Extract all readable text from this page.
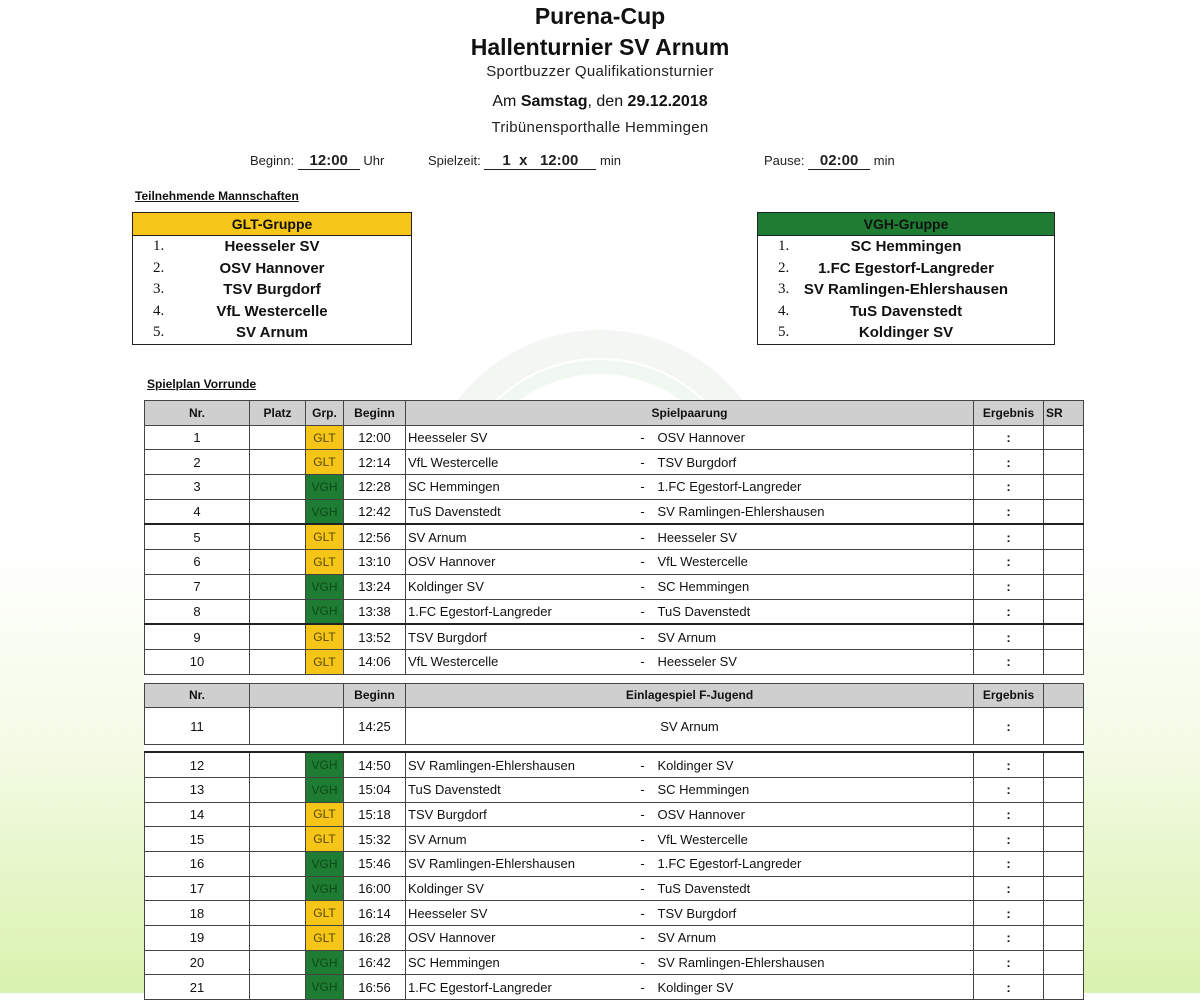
Purena-Cup
Hallenturnier SV Arnum
Sportbuzzer Qualifikationsturnier
Am Samstag, den 29.12.2018
Tribünensporthalle Hemmingen
Beginn: 12:00 Uhr	Spielzeit: 1 x 12:00 min	Pause: 02:00 min
Teilnehmende Mannschaften
GLT-Gruppe
1.	Heesseler SV
2.	OSV Hannover
3.	TSV Burgdorf
4.	VfL Westercelle
5.	SV Arnum
VGH-Gruppe
1.	SC Hemmingen
2.	1.FC Egestorf-Langreder
3. SV Ramlingen-Ehlershausen
4.	TuS Davenstedt
5.	Koldinger SV
Spielplan Vorrunde
Nr.	Platz	Grp.	Beginn	Spielpaarung			Ergebnis	SR
1		GLT	12:00	Heesseler SV	-	OSV Hannover	:	
2		GLT	12:14	VfL Westercelle	-	TSV Burgdorf	:	
3		VGH	12:28	SC Hemmingen	-	1.FC Egestorf-Langreder	:	
4		VGH	12:42	TuS Davenstedt	-	SV Ramlingen-Ehlershausen	:	
5		GLT	12:56	SV Arnum	-	Heesseler SV	:	
6		GLT	13:10	OSV Hannover	-	VfL Westercelle	:	
7		VGH	13:24	Koldinger SV	-	SC Hemmingen	:	
8		VGH	13:38	1.FC Egestorf-Langreder	-	TuS Davenstedt	:	
9		GLT	13:52	TSV Burgdorf	-	SV Arnum	:	
10		GLT	14:06	VfL Westercelle	-	Heesseler SV	:	

Nr.			Beginn	Einlagespiel F-Jugend			Ergebnis	
11			14:25	SV Arnum			:	

12		VGH	14:50	SV Ramlingen-Ehlershausen	-	Koldinger SV	:	
13		VGH	15:04	TuS Davenstedt	-	SC Hemmingen	:	
14		GLT	15:18	TSV Burgdorf	-	OSV Hannover	:	
15		GLT	15:32	SV Arnum	-	VfL Westercelle	:	
16		VGH	15:46	SV Ramlingen-Ehlershausen	-	1.FC Egestorf-Langreder	:	
17		VGH	16:00	Koldinger SV	-	TuS Davenstedt	:	
18		GLT	16:14	Heesseler SV	-	TSV Burgdorf	:	
19		GLT	16:28	OSV Hannover	-	SV Arnum	:	
20		VGH	16:42	SC Hemmingen	-	SV Ramlingen-Ehlershausen	:	
21		VGH	16:56	1.FC Egestorf-Langreder	-	Koldinger SV	:	
